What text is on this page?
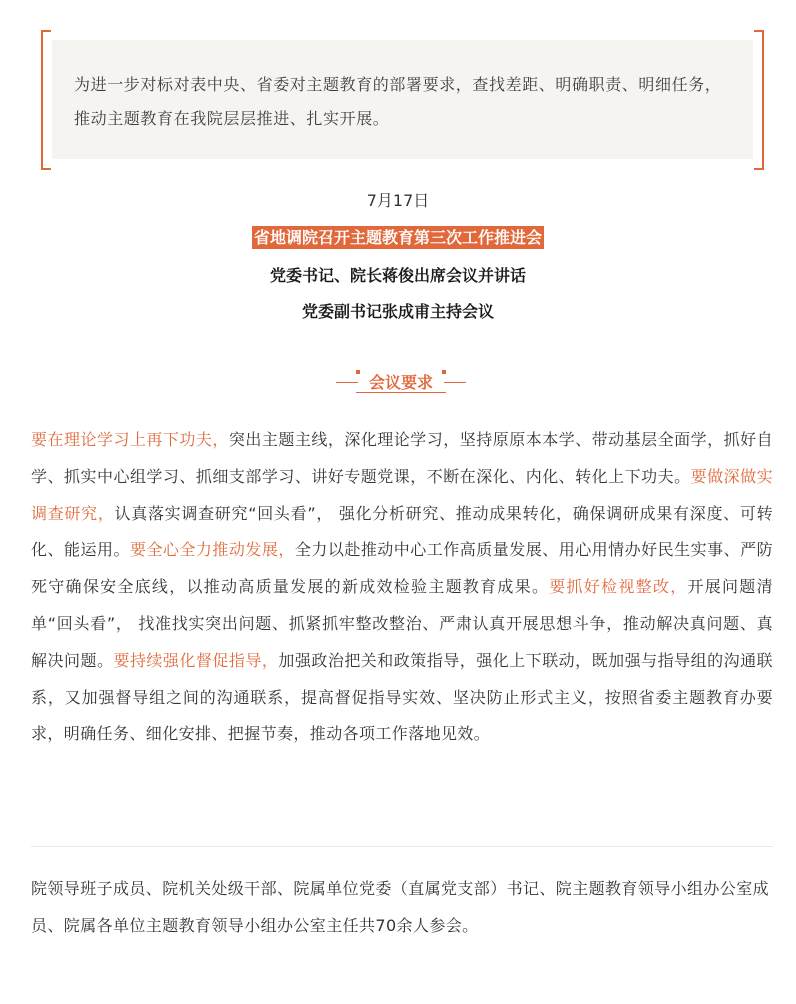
为进一步对标对表中央、省委对主题教育的部署要求，查找差距、明确职责、明细任务，推动主题教育在我院层层推进、扎实开展。
7月17日
省地调院召开主题教育第三次工作推进会
党委书记、院长蒋俊出席会议并讲话
党委副书记张成甫主持会议
会议要求
要在理论学习上再下功夫，突出主题主线，深化理论学习，坚持原原本本学、带动基层全面学，抓好自学、抓实中心组学习、抓细支部学习、讲好专题党课，不断在深化、内化、转化上下功夫。要做深做实调查研究，认真落实调查研究“回头看”， 强化分析研究、推动成果转化，确保调研成果有深度、可转化、能运用。要全心全力推动发展，全力以赴推动中心工作高质量发展、用心用情办好民生实事、严防死守确保安全底线，以推动高质量发展的新成效检验主题教育成果。要抓好检视整改，开展问题清单“回头看”， 找准找实突出问题、抓紧抓牢整改整治、严肃认真开展思想斗争，推动解决真问题、真解决问题。要持续强化督促指导，加强政治把关和政策指导，强化上下联动，既加强与指导组的沟通联系，又加强督导组之间的沟通联系，提高督促指导实效、坚决防止形式主义，按照省委主题教育办要求，明确任务、细化安排、把握节奏，推动各项工作落地见效。
院领导班子成员、院机关处级干部、院属单位党委（直属党支部）书记、院主题教育领导小组办公室成员、院属各单位主题教育领导小组办公室主任共70余人参会。
